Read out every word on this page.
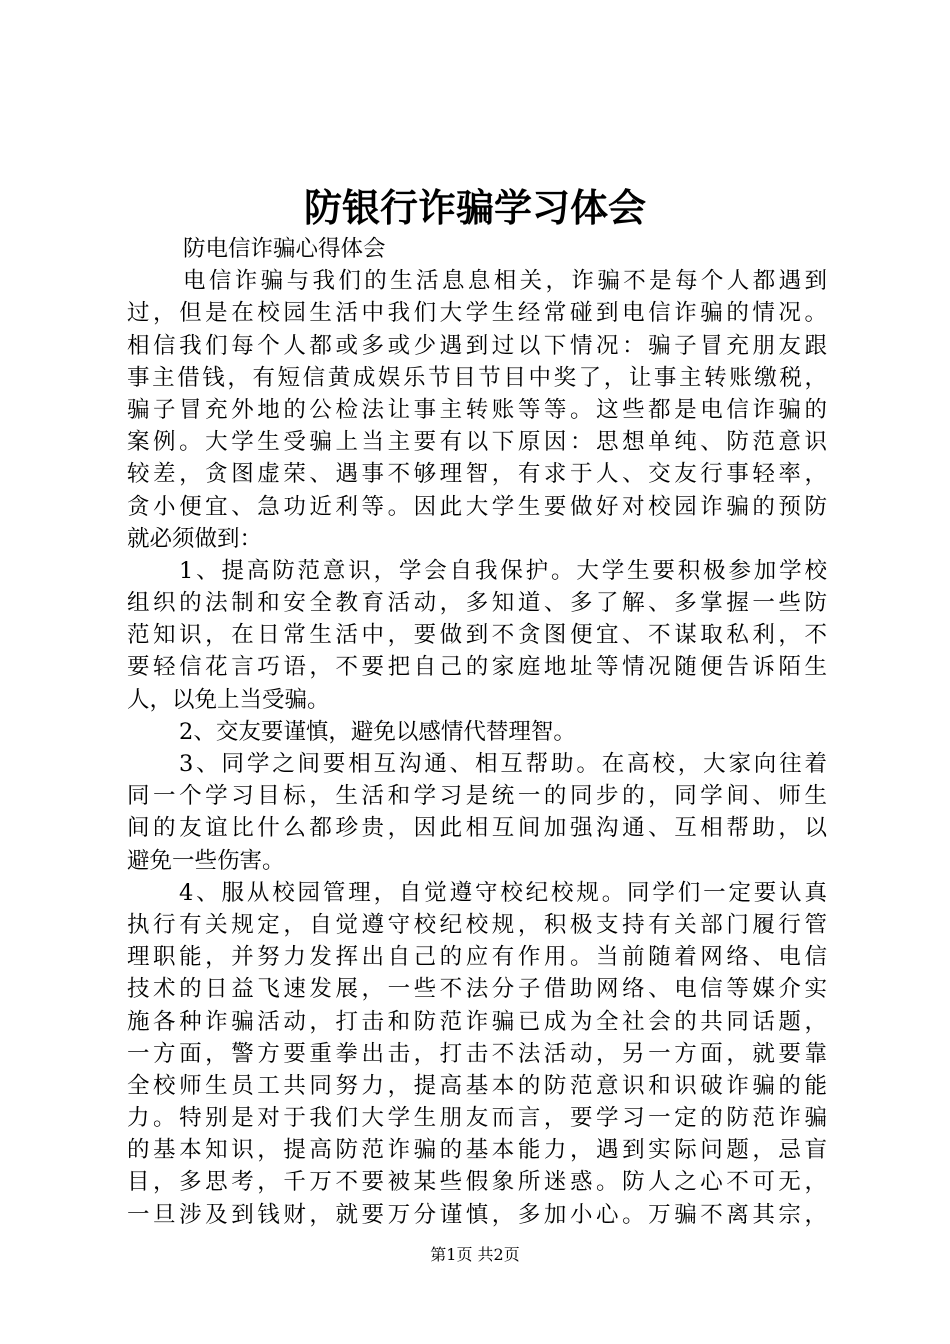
防银行诈骗学习体会
防电信诈骗心得体会
电信诈骗与我们的生活息息相关，诈骗不是每个人都遇到
过，但是在校园生活中我们大学生经常碰到电信诈骗的情况。
相信我们每个人都或多或少遇到过以下情况：骗子冒充朋友跟
事主借钱，有短信黄成娱乐节目节目中奖了，让事主转账缴税，
骗子冒充外地的公检法让事主转账等等。这些都是电信诈骗的
案例。大学生受骗上当主要有以下原因：思想单纯、防范意识
较差，贪图虚荣、遇事不够理智，有求于人、交友行事轻率，
贪小便宜、急功近利等。因此大学生要做好对校园诈骗的预防
就必须做到：
1、提高防范意识，学会自我保护。大学生要积极参加学校
组织的法制和安全教育活动，多知道、多了解、多掌握一些防
范知识，在日常生活中，要做到不贪图便宜、不谋取私利，不
要轻信花言巧语，不要把自己的家庭地址等情况随便告诉陌生
人，以免上当受骗。
2、交友要谨慎，避免以感情代替理智。
3、同学之间要相互沟通、相互帮助。在高校，大家向往着
同一个学习目标，生活和学习是统一的同步的，同学间、师生
间的友谊比什么都珍贵，因此相互间加强沟通、互相帮助，以
避免一些伤害。
4、服从校园管理，自觉遵守校纪校规。同学们一定要认真
执行有关规定，自觉遵守校纪校规，积极支持有关部门履行管
理职能，并努力发挥出自己的应有作用。当前随着网络、电信
技术的日益飞速发展，一些不法分子借助网络、电信等媒介实
施各种诈骗活动，打击和防范诈骗已成为全社会的共同话题，
一方面，警方要重拳出击，打击不法活动，另一方面，就要靠
全校师生员工共同努力，提高基本的防范意识和识破诈骗的能
力。特别是对于我们大学生朋友而言，要学习一定的防范诈骗
的基本知识，提高防范诈骗的基本能力，遇到实际问题，忌盲
目，多思考，千万不要被某些假象所迷惑。防人之心不可无，
一旦涉及到钱财，就要万分谨慎，多加小心。万骗不离其宗，

第1页 共2页
